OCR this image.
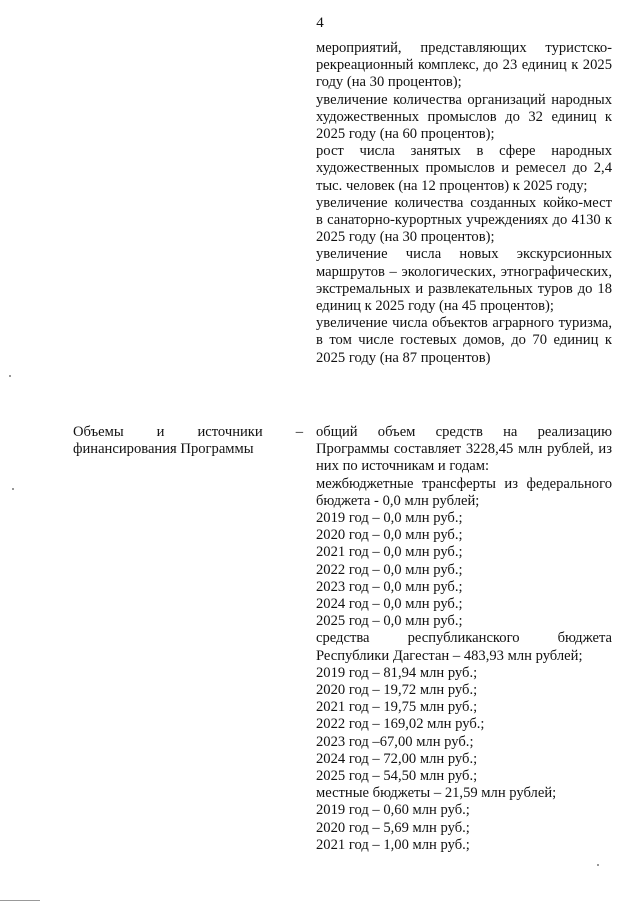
4

мероприятий, представляющих туристско-рекреационный комплекс, до 23 единиц к 2025 году (на 30 процентов);

увеличение количества организаций народных художественных промыслов до 32 единиц к 2025 году (на 60 процентов);

рост числа занятых в сфере народных художественных промыслов и ремесел до 2,4 тыс. человек (на 12 процентов) к 2025 году;

увеличение количества созданных койко-мест в санаторно-курортных учреждениях до 4130 к 2025 году (на 30 процентов);

увеличение числа новых экскурсионных маршрутов – экологических, этнографических, экстремальных и развлекательных туров до 18 единиц к 2025 году (на 45 процентов);

увеличение числа объектов аграрного туризма, в том числе гостевых домов, до 70 единиц к 2025 году (на 87 процентов)

Объемы и источники –
финансирования Программы

общий объем средств на реализацию Программы составляет 3228,45 млн рублей, из них по источникам и годам:

межбюджетные трансферты из федерального бюджета - 0,0 млн рублей;

2019 год – 0,0 млн руб.;

2020 год – 0,0 млн руб.;

2021 год – 0,0 млн руб.;

2022 год – 0,0 млн руб.;

2023 год – 0,0 млн руб.;

2024 год – 0,0 млн руб.;

2025 год – 0,0 млн руб.;

средства республиканского бюджета Республики Дагестан – 483,93 млн рублей;

2019 год – 81,94 млн руб.;

2020 год – 19,72 млн руб.;

2021 год – 19,75 млн руб.;

2022 год – 169,02 млн руб.;

2023 год –67,00 млн руб.;

2024 год – 72,00 млн руб.;

2025 год – 54,50 млн руб.;

местные бюджеты – 21,59 млн рублей;

2019 год – 0,60 млн руб.;

2020 год – 5,69 млн руб.;

2021 год – 1,00 млн руб.;
